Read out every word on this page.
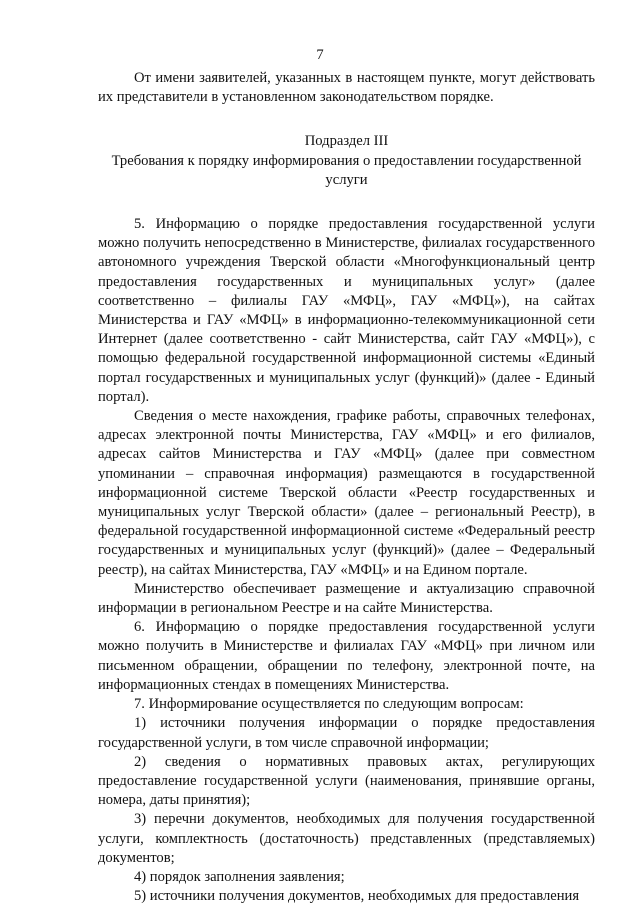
7

От имени заявителей, указанных в настоящем пункте, могут действовать их представители в установленном законодательством порядке.

Подраздел III

Требования к порядку информирования о предоставлении государственной услуги

5. Информацию о порядке предоставления государственной услуги можно получить непосредственно в Министерстве, филиалах государственного автономного учреждения Тверской области «Многофункциональный центр предоставления государственных и муниципальных услуг» (далее соответственно – филиалы ГАУ «МФЦ», ГАУ «МФЦ»), на сайтах Министерства и ГАУ «МФЦ» в информационно-телекоммуникационной сети Интернет (далее соответственно - сайт Министерства, сайт ГАУ «МФЦ»), с помощью федеральной государственной информационной системы «Единый портал государственных и муниципальных услуг (функций)» (далее - Единый портал).

Сведения о месте нахождения, графике работы, справочных телефонах, адресах электронной почты Министерства, ГАУ «МФЦ» и его филиалов, адресах сайтов Министерства и ГАУ «МФЦ» (далее при совместном упоминании – справочная информация) размещаются в государственной информационной системе Тверской области «Реестр государственных и муниципальных услуг Тверской области» (далее – региональный Реестр), в федеральной государственной информационной системе «Федеральный реестр государственных и муниципальных услуг (функций)» (далее – Федеральный реестр), на сайтах Министерства, ГАУ «МФЦ» и на Едином портале.

Министерство обеспечивает размещение и актуализацию справочной информации в региональном Реестре и на сайте Министерства.

6. Информацию о порядке предоставления государственной услуги можно получить в Министерстве и филиалах ГАУ «МФЦ» при личном или письменном обращении, обращении по телефону, электронной почте, на информационных стендах в помещениях Министерства.

7. Информирование осуществляется по следующим вопросам:

1) источники получения информации о порядке предоставления государственной услуги, в том числе справочной информации;

2) сведения о нормативных правовых актах, регулирующих предоставление государственной услуги (наименования, принявшие органы, номера, даты принятия);

3) перечни документов, необходимых для получения государственной услуги, комплектность (достаточность) представленных (представляемых) документов;

4) порядок заполнения заявления;

5) источники получения документов, необходимых для предоставления
